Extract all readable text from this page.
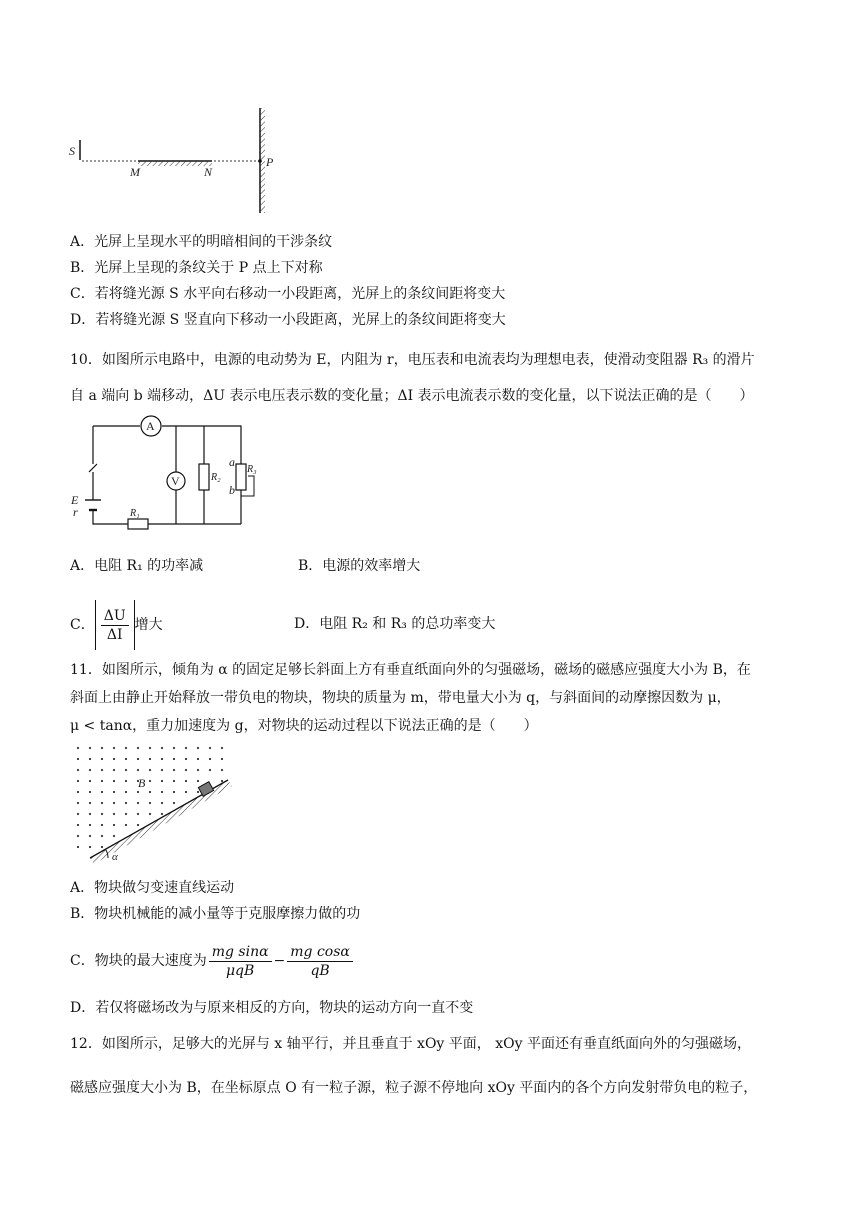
S
M	N
P
A．光屏上呈现水平的明暗相间的干涉条纹
B．光屏上呈现的条纹关于 P 点上下对称
C．若将缝光源 S 水平向右移动一小段距离，光屏上的条纹间距将变大
D．若将缝光源 S 竖直向下移动一小段距离，光屏上的条纹间距将变大
10．如图所示电路中，电源的电动势为 E，内阻为 r，电压表和电流表均为理想电表，使滑动变阻器 R₃ 的滑片
自 a 端向 b 端移动，ΔU 表示电压表示数的变化量；ΔI 表示电流表示数的变化量，以下说法正确的是（　　）
A
V	R₂
R₃
a
b
R₁
E
r
A．电阻 R₁ 的功率减	B．电源的效率增大
C． $\frac{\Delta U}{\Delta I}$ 增大	D．电阻 R₂ 和 R₃ 的总功率变大
11．如图所示，倾角为 α 的固定足够长斜面上方有垂直纸面向外的匀强磁场，磁场的磁感应强度大小为 B，在
斜面上由静止开始释放一带负电的物块，物块的质量为 m，带电量大小为 q，与斜面间的动摩擦因数为 μ，
μ < tanα，重力加速度为 g，对物块的运动过程以下说法正确的是（　　）
B
α
A．物块做匀变速直线运动
B．物块机械能的减小量等于克服摩擦力做的功
C．物块的最大速度为 $\frac{\text{mg sinα}}{\text{μqB}} - \frac{\text{mg cosα}}{qB}$
D．若仅将磁场改为与原来相反的方向，物块的运动方向一直不变
12．如图所示，足够大的光屏与 x 轴平行，并且垂直于 xOy 平面， xOy 平面还有垂直纸面向外的匀强磁场，
磁感应强度大小为 B，在坐标原点 O 有一粒子源，粒子源不停地向 xOy 平面内的各个方向发射带负电的粒子，
